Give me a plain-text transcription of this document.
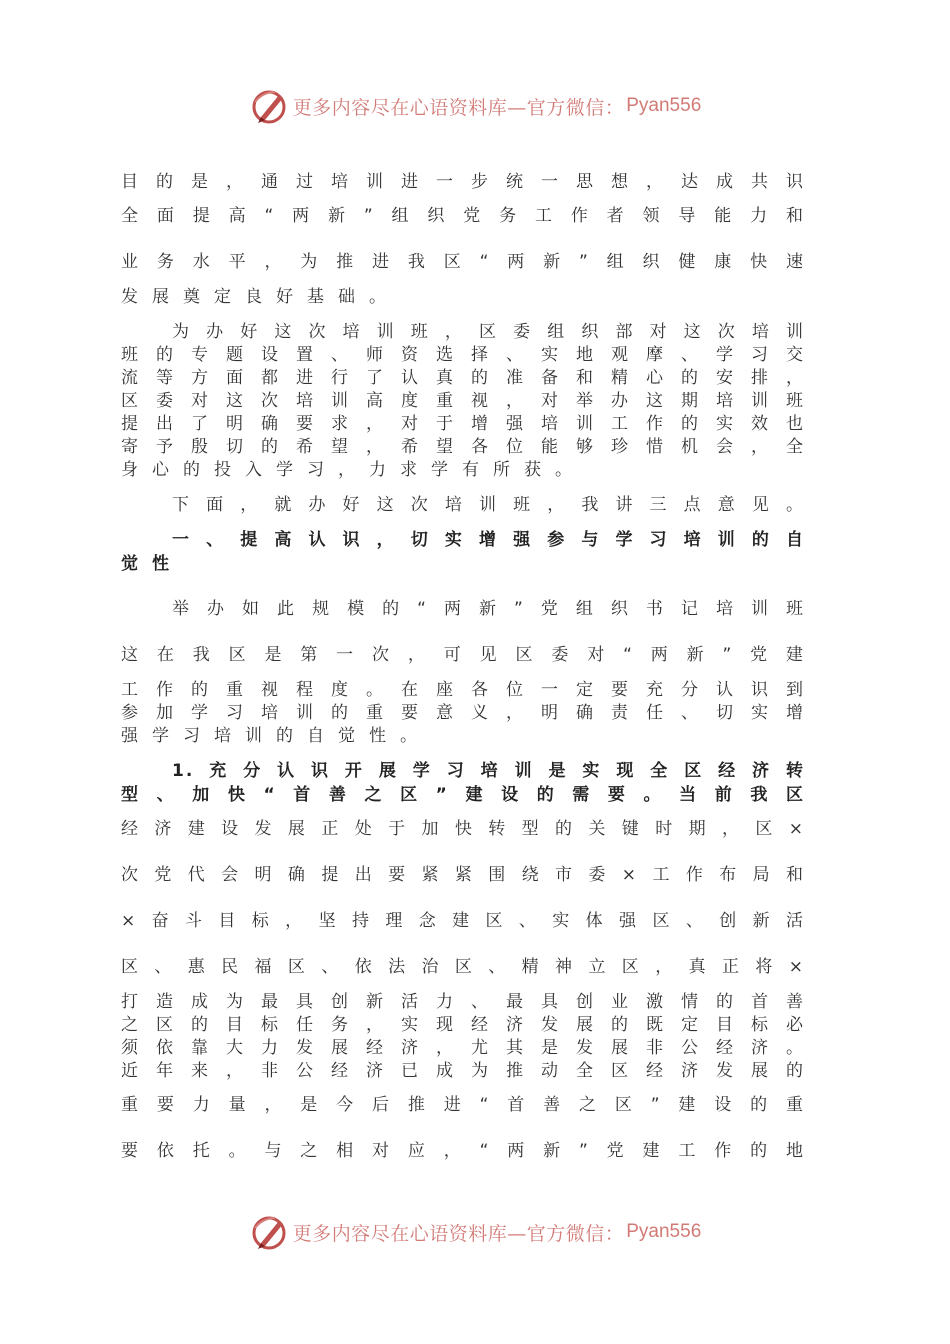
更多内容尽在心语资料库—官方微信： Pyan556
目的是，通过培训进一步统一思想，达成共识
全面提高“两新”组织党务工作者领导能力和
业务水平，为推进我区“两新”组织健康快速
发展奠定良好基础。
为办好这次培训班，区委组织部对这次培训
班的专题设置、师资选择、实地观摩、学习交
流等方面都进行了认真的准备和精心的安排，
区委对这次培训高度重视，对举办这期培训班
提出了明确要求，对于增强培训工作的实效也
寄予殷切的希望，希望各位能够珍惜机会，全
身心的投入学习，力求学有所获。
下面，就办好这次培训班，我讲三点意见。
一、提高认识，切实增强参与学习培训的自
觉性
举办如此规模的“两新”党组织书记培训班
这在我区是第一次，可见区委对“两新”党建
工作的重视程度。在座各位一定要充分认识到
参加学习培训的重要意义，明确责任、切实增
强学习培训的自觉性。
1.充分认识开展学习培训是实现全区经济转
型、加快“首善之区”建设的需要。当前我区
经济建设发展正处于加快转型的关键时期，区×
次党代会明确提出要紧紧围绕市委×工作布局和
×奋斗目标，坚持理念建区、实体强区、创新活
区、惠民福区、依法治区、精神立区，真正将×
打造成为最具创新活力、最具创业激情的首善
之区的目标任务，实现经济发展的既定目标必
须依靠大力发展经济，尤其是发展非公经济。
近年来，非公经济已成为推动全区经济发展的
重要力量，是今后推进“首善之区”建设的重
要依托。与之相对应，“两新”党建工作的地
更多内容尽在心语资料库—官方微信： Pyan556
